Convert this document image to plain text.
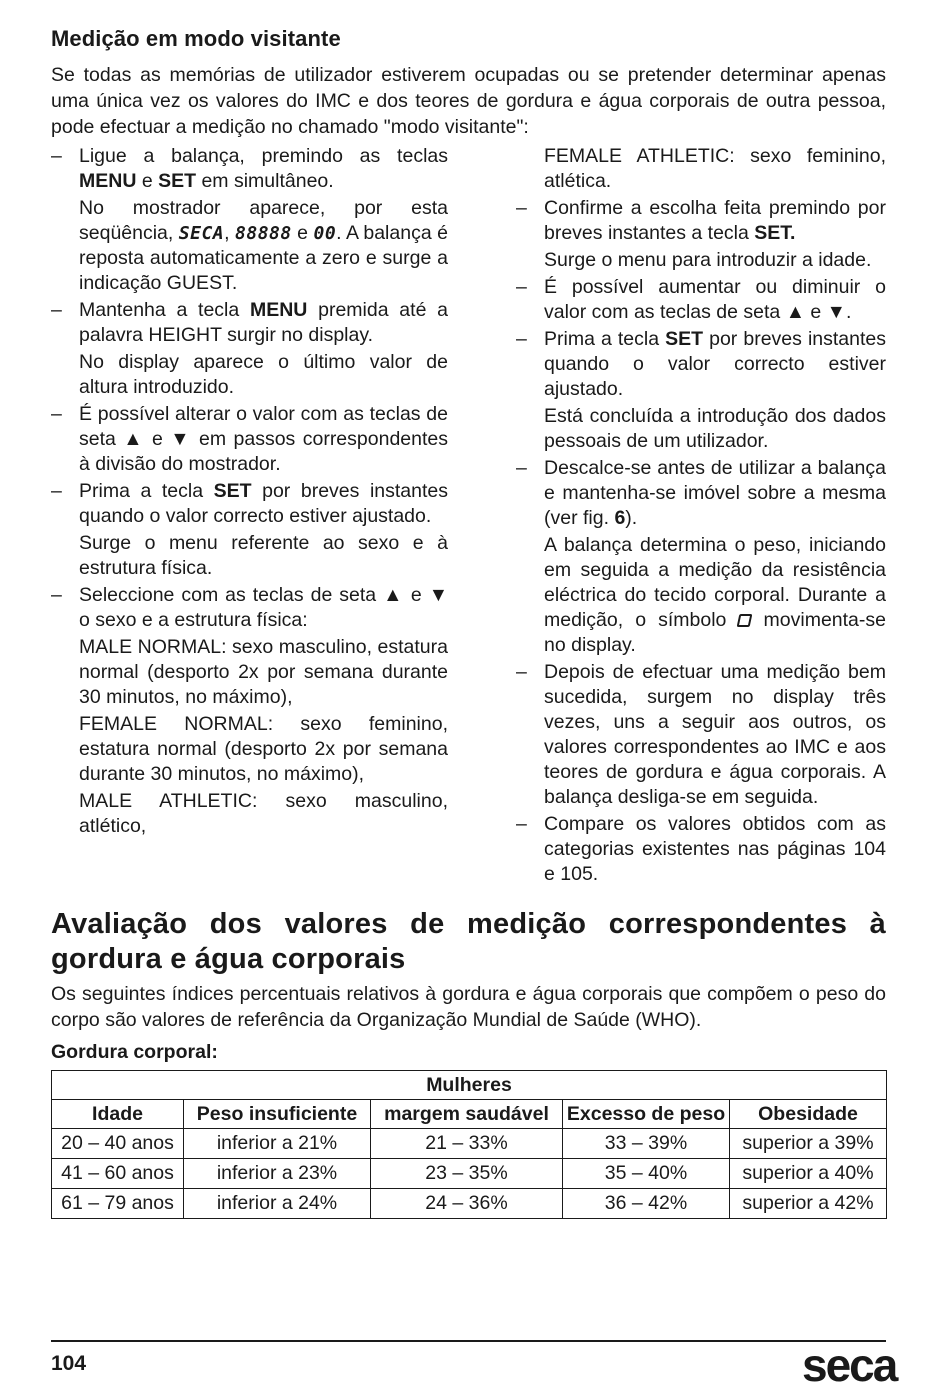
Medição em modo visitante

Se todas as memórias de utilizador estiverem ocupadas ou se pretender determinar apenas uma única vez os valores do IMC e dos teores de gordura e água corporais de outra pessoa, pode efectuar a medição no chamado "modo visitante":

– Ligue a balança, premindo as teclas MENU e SET em simultâneo.
No mostrador aparece, por esta seqüência, SECA, 88888 e 00. A balança é reposta automaticamente a zero e surge a indicação GUEST.
– Mantenha a tecla MENU premida até a palavra HEIGHT surgir no display.
No display aparece o último valor de altura introduzido.
– É possível alterar o valor com as teclas de seta ▲ e ▼ em passos correspondentes à divisão do mostrador.
– Prima a tecla SET por breves instantes quando o valor correcto estiver ajustado.
Surge o menu referente ao sexo e à estrutura física.
– Seleccione com as teclas de seta ▲ e ▼ o sexo e a estrutura física:
MALE NORMAL: sexo masculino, estatura normal (desporto 2x por semana durante 30 minutos, no máximo),
FEMALE NORMAL: sexo feminino, estatura normal (desporto 2x por semana durante 30 minutos, no máximo),
MALE ATHLETIC: sexo masculino, atlético,
FEMALE ATHLETIC: sexo feminino, atlética.
– Confirme a escolha feita premindo por breves instantes a tecla SET.
Surge o menu para introduzir a idade.
– É possível aumentar ou diminuir o valor com as teclas de seta ▲ e ▼.
– Prima a tecla SET por breves instantes quando o valor correcto estiver ajustado.
Está concluída a introdução dos dados pessoais de um utilizador.
– Descalce-se antes de utilizar a balança e mantenha-se imóvel sobre a mesma (ver fig. 6).
A balança determina o peso, iniciando em seguida a medição da resistência eléctrica do tecido corporal. Durante a medição, o símbolo  movimenta-se no display.
– Depois de efectuar uma medição bem sucedida, surgem no display três vezes, uns a seguir aos outros, os valores correspondentes ao IMC e aos teores de gordura e água corporais. A balança desliga-se em seguida.
– Compare os valores obtidos com as categorias existentes nas páginas 104 e 105.
Avaliação dos valores de medição correspondentes à gordura e água corporais

Os seguintes índices percentuais relativos à gordura e água corporais que compõem o peso do corpo são valores de referência da Organização Mundial de Saúde (WHO).

Gordura corporal:
Mulheres				
Idade	Peso insuficiente	margem saudável	Excesso de peso	Obesidade
20 – 40 anos	inferior a 21%	21 – 33%	33 – 39%	superior a 39%
41 – 60 anos	inferior a 23%	23 – 35%	35 – 40%	superior a 40%
61 – 79 anos	inferior a 24%	24 – 36%	36 – 42%	superior a 42%
104	seca
